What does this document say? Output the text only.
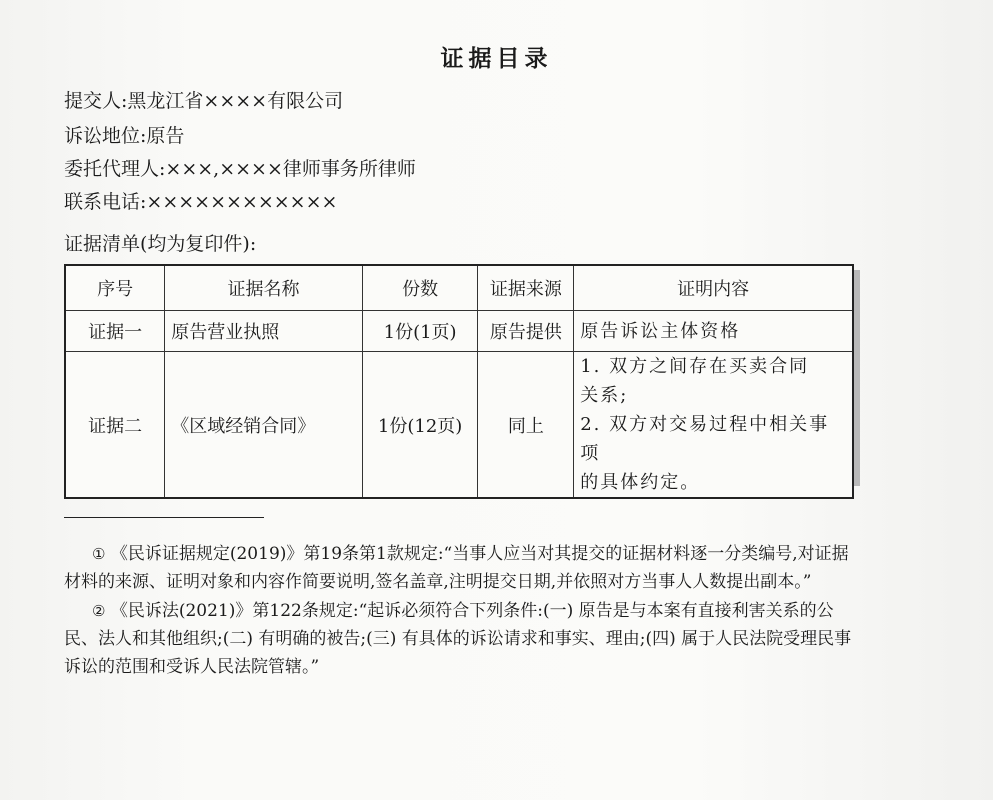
证据目录
提交人:黑龙江省××××有限公司
诉讼地位:原告
委托代理人:×××,××××律师事务所律师
联系电话:××××××××××××
证据清单(均为复印件):
序号	证据名称	份数	证据来源	证明内容
证据一	原告营业执照	1份(1页)	原告提供	原告诉讼主体资格

证据二	《区域经销合同》	1份(12页)	同上	1. 双方之间存在买卖合同
关系;
2. 双方对交易过程中相关事项
的具体约定。
① 《民诉证据规定(2019)》第19条第1款规定:“当事人应当对其提交的证据材料逐一分类编号,对证据材料的来源、证明对象和内容作简要说明,签名盖章,注明提交日期,并依照对方当事人人数提出副本。”
② 《民诉法(2021)》第122条规定:“起诉必须符合下列条件:(一) 原告是与本案有直接利害关系的公民、法人和其他组织;(二) 有明确的被告;(三) 有具体的诉讼请求和事实、理由;(四) 属于人民法院受理民事诉讼的范围和受诉人民法院管辖。”
